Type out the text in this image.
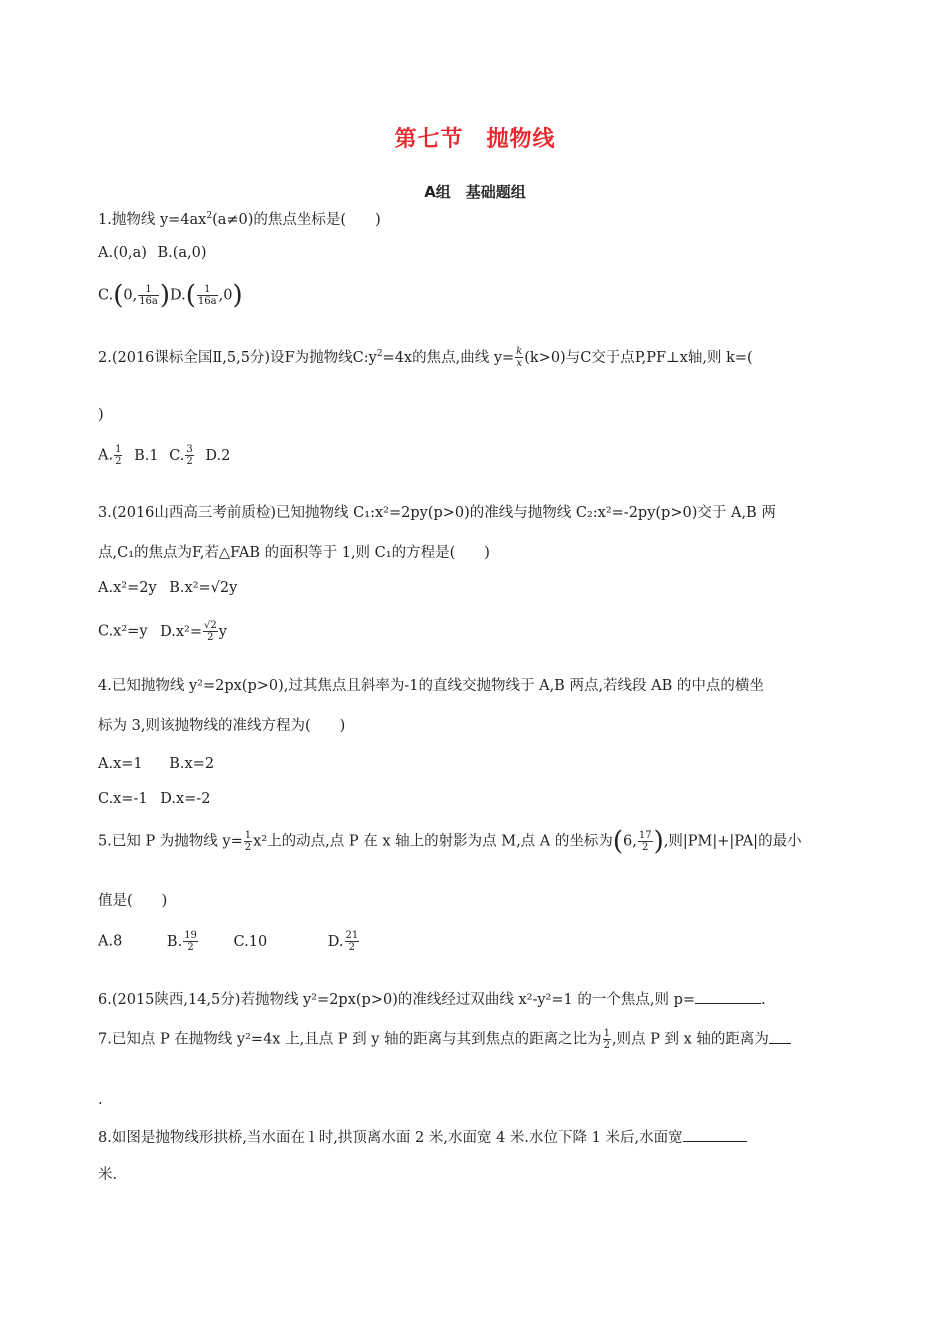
第七节　抛物线
A组　基础题组
1.抛物线 $y=4ax^2(a\ne 0)$的焦点坐标是(　　)
A.(0,a) B.(a,0)
C.(0, $\frac{1}{16a} )D.( \frac{1}{16a} ,0)$
2.(2016课标全国Ⅱ,5,5分)设F为抛物线$C:y^2=4x$的焦点,曲线 $y= \frac{k}{x} (k>0)$与C交于点P,PF⊥x轴,则 k=(
)
A. $\frac{1}{2} B.1$ C. $\frac{3}{2} D.2$
3.(2016山西高三考前质检)已知抛物线 C₁:x²=2py(p>0)的准线与抛物线 C₂:x²=-2py(p>0)交于 A,B 两
点,C₁的焦点为F,若△FAB 的面积等于 1,则 C₁的方程是(　　)
A.x²=2y B.x²=√2y
C.x²=y $D.x^2= \frac{√2}{2}$ y
4.已知抛物线 y²=2px(p>0),过其焦点且斜率为-1的直线交抛物线于 A,B 两点,若线段 AB 的中点的横坐
标为 3,则该抛物线的准线方程为(　　)
A.x=1 B.x=2
C.x=-1 D.x=-2
5.已知 P 为抛物线 $y= \frac{1}{2} x^2$上的动点,点 P 在 x 轴上的射影为点 M,点 A 的坐标为(6, $\frac{17}{2}$ ),则|PM|+|PA|的最小
值是(　　)
A.8	B. $\frac{19}{2} C.10$	D. $\frac{21}{2}$
6.(2015陕西,14,5分)若抛物线 y²=2px(p>0)的准线经过双曲线 x²-y²=1 的一个焦点,则 p=	.
7.已知点 P 在抛物线 y²=4x 上,且点 P 到 y 轴的距离与其到焦点的距离之比为 $\frac{1}{2}$ ,则点 P 到 x 轴的距离为
.
8.如图是抛物线形拱桥,当水面在 l 时,拱顶离水面 2 米,水面宽 4 米.水位下降 1 米后,水面宽
米.
